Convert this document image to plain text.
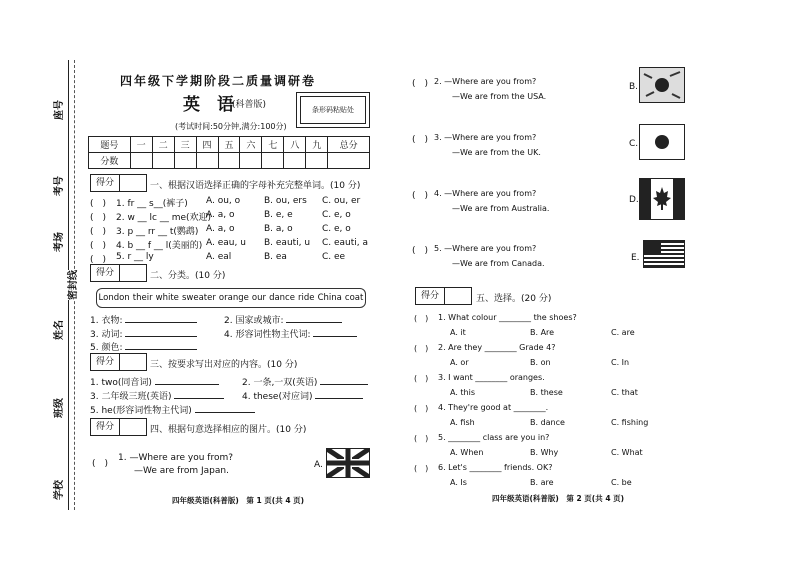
座号
考号
考场
密封线
姓名
班级
学校
四年级下学期阶段二质量调研卷
英　语
(科普版)
(考试时间:50分钟,满分:100分)
条形码粘贴处
题号	一	二	三	四	五	六	七	八	九	总分
分数										
得分	一、根据汉语选择正确的字母补充完整单词。(10 分)
(　) 1. fr __ s__(裤子) A. ou, o	B. ou, ers C. ou, er
(　) 2. w __ lc __ me(欢迎)
A. a, o	B. e, e	C. e, o
(　) 3. p __ rr __ t(鹦鹉) A. a, o	B. a, o	C. e, o
(　) 4. b __ f __ l(美丽的) A. eau, u B. eauti, u C. eauti, a
(　) 5. r __ ly	A. eal	B. ea	C. ee
得分	二、分类。(10 分)
London their white sweater orange our dance ride China coat
1. 衣物:	2. 国家或城市:
3. 动词:	4. 形容词性物主代词:
5. 颜色:
得分	三、按要求写出对应的内容。(10 分)
1. two(同音词)	2. 一条,一双(英语)
3. 二年级三班(英语)	4. these(对应词)
5. he(形容词性物主代词)
得分	四、根据句意选择相应的图片。(10 分)
(　)
1. —Where are you from?
—We are from Japan.
A.
(　) 2. —Where are you from?
—We are from the USA.
B.
(　) 3. —Where are you from?
—We are from the UK.
C.
(　) 4. —Where are you from?
—We are from Australia.
D.
(　) 5. —Where are you from?
—We are from Canada.
E.
得分	五、选择。(20 分)
(　) 1. What colour ________ the shoes?
A. it	B. Are	C. are
(　) 2. Are they ________ Grade 4?
A. or	B. on	C. In
(　) 3. I want ________ oranges.
A. this	B. these	C. that
(　) 4. They're good at ________.
A. fish	B. dance	C. fishing
(　) 5. ________ class are you in?
A. When	B. Why	C. What
(　) 6. Let's ________ friends. OK?
A. Is	B. are	C. be
四年级英语(科普版)　第 1 页(共 4 页)	四年级英语(科普版)　第 2 页(共 4 页)
